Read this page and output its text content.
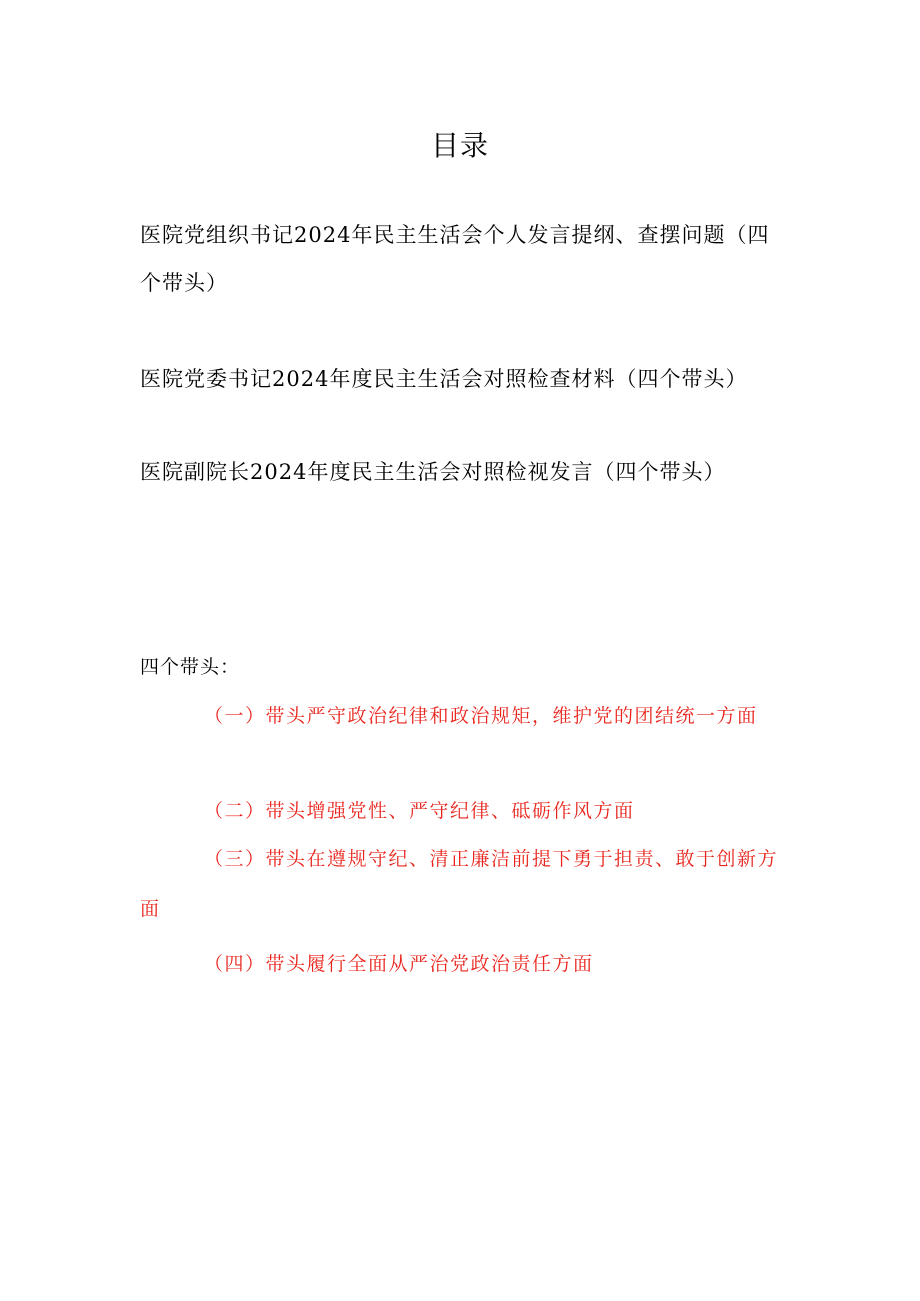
目录
医院党组织书记2024年民主生活会个人发言提纲、查摆问题（四个带头）
医院党委书记2024年度民主生活会对照检查材料（四个带头）
医院副院长2024年度民主生活会对照检视发言（四个带头）
四个带头：
（一）带头严守政治纪律和政治规矩，维护党的团结统一方面
（二）带头增强党性、严守纪律、砥砺作风方面
（三）带头在遵规守纪、清正廉洁前提下勇于担责、敢于创新方面
（四）带头履行全面从严治党政治责任方面
